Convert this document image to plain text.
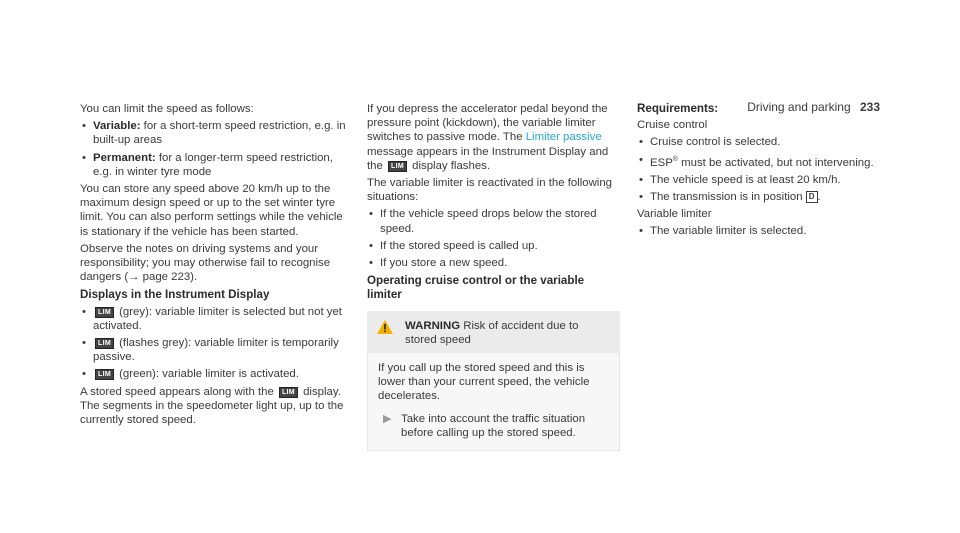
Driving and parking 233

You can limit the speed as follows:

• Variable: for a short-term speed restriction, e.g. in built-up areas
• Permanent: for a longer-term speed restriction, e.g. in winter tyre mode

You can store any speed above 20 km/h up to the maximum design speed or up to the set winter tyre limit. You can also perform settings while the vehicle is stationary if the vehicle has been started.

Observe the notes on driving systems and your responsibility; you may otherwise fail to recognise dangers (→ page 223).

Displays in the Instrument Display
• LIM (grey): variable limiter is selected but not yet activated.
• LIM (flashes grey): variable limiter is temporarily passive.
• LIM (green): variable limiter is activated.

A stored speed appears along with the LIM display. The segments in the speedometer light up, up to the currently stored speed.

If you depress the accelerator pedal beyond the pressure point (kickdown), the variable limiter switches to passive mode. The Limiter passive message appears in the Instrument Display and the LIM display flashes.

The variable limiter is reactivated in the following situations:

• If the vehicle speed drops below the stored speed.
• If the stored speed is called up.
• If you store a new speed.
Operating cruise control or the variable limiter
WARNING Risk of accident due to stored speed

If you call up the stored speed and this is lower than your current speed, the vehicle decelerates.

▶ Take into account the traffic situation before calling up the stored speed.
Requirements:

Cruise control

• Cruise control is selected.
• ESP® must be activated, but not intervening.
• The vehicle speed is at least 20 km/h.
• The transmission is in position D .

Variable limiter

• The variable limiter is selected.
